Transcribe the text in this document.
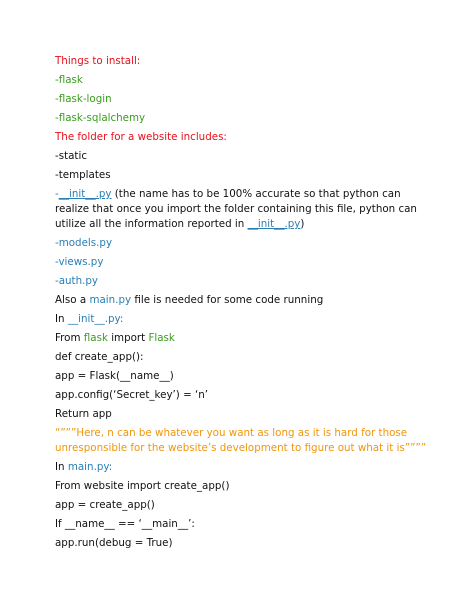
Things to install:
-flask
-flask-login
-flask-sqlalchemy
The folder for a website includes:
-static
-templates
-__init__.py (the name has to be 100% accurate so that python can realize that once you import the folder containing this file, python can utilize all the information reported in __init__.py)
-models.py
-views.py
-auth.py
Also a main.py file is needed for some code running
In __init__.py:
From flask import Flask
def create_app():
app = Flask(__name__)
app.config(‘Secret_key’) = ‘n’
Return app
“”””Here, n can be whatever you want as long as it is hard for those unresponsible for the website’s development to figure out what it is””””
In main.py:
From website import create_app()
app = create_app()
If __name__ == ‘__main__’:
app.run(debug = True)
